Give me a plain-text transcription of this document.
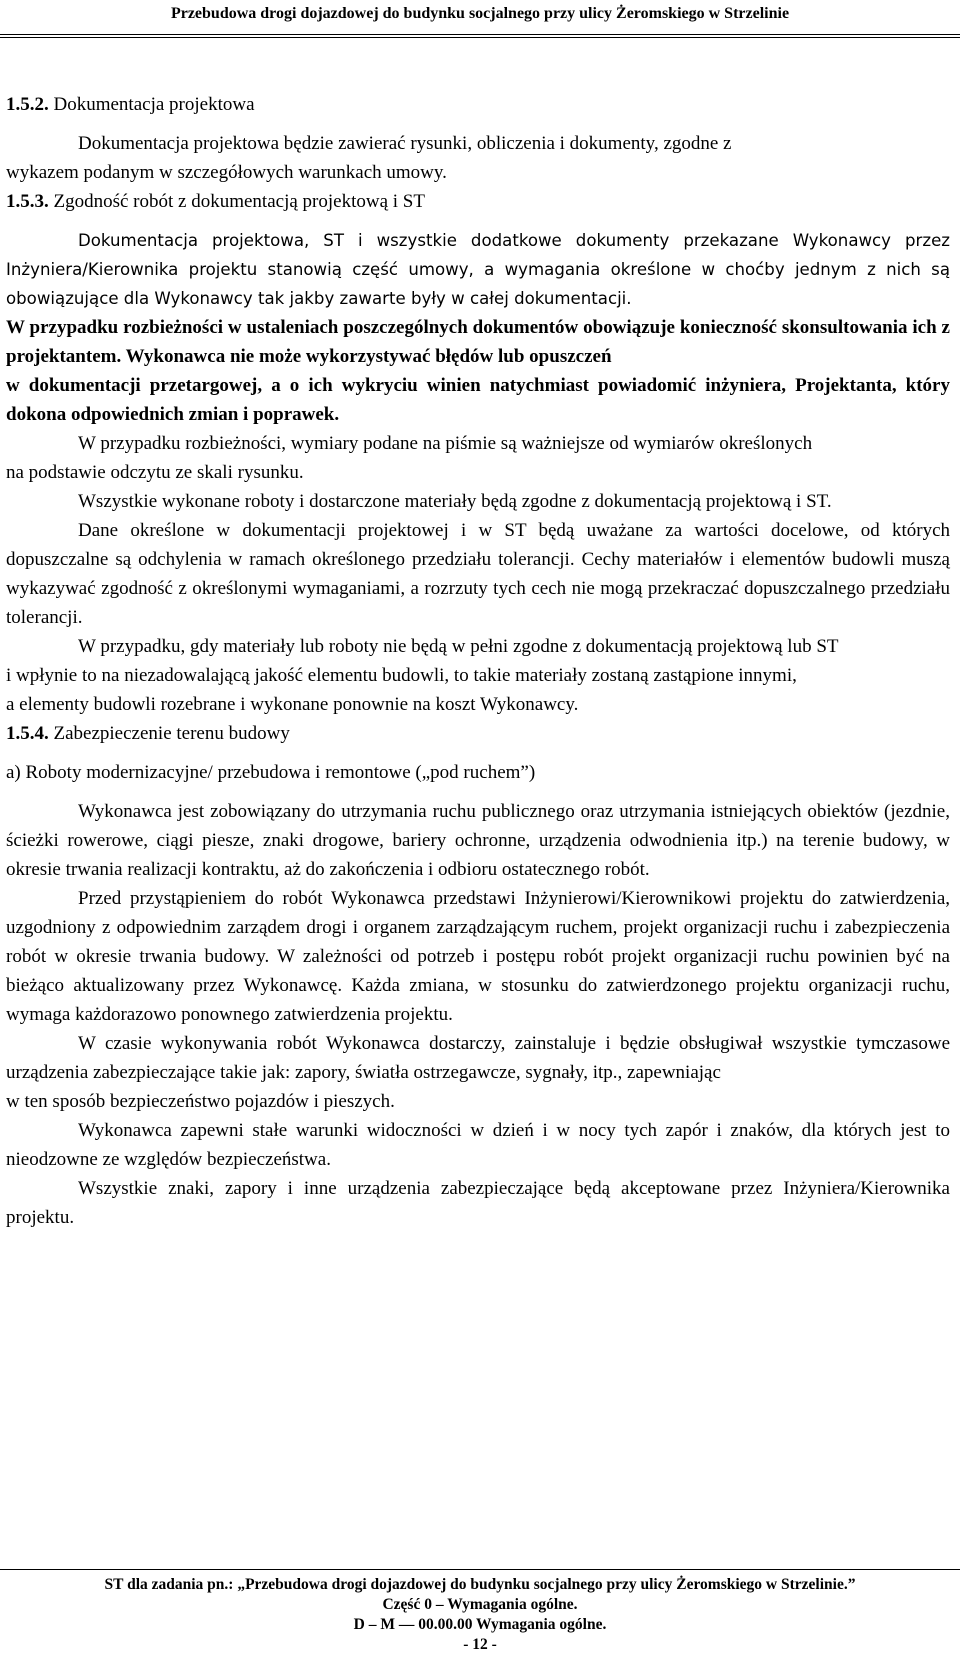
Przebudowa drogi dojazdowej do budynku socjalnego przy ulicy Żeromskiego w Strzelinie

1.5.2. Dokumentacja projektowa

Dokumentacja projektowa będzie zawierać rysunki, obliczenia i dokumenty, zgodne z

wykazem podanym w szczegółowych warunkach umowy.

1.5.3. Zgodność robót z dokumentacją projektową i ST

Dokumentacja projektowa, ST i wszystkie dodatkowe dokumenty przekazane Wykonawcy przez Inżyniera/Kierownika projektu stanowią część umowy, a wymagania określone w choćby jednym z nich są obowiązujące dla Wykonawcy tak jakby zawarte były w całej dokumentacji.

W przypadku rozbieżności w ustaleniach poszczególnych dokumentów obowiązuje konieczność skonsultowania ich z projektantem. Wykonawca nie może wykorzystywać błędów lub opuszczeń

w dokumentacji przetargowej, a o ich wykryciu winien natychmiast powiadomić inżyniera, Projektanta, który dokona odpowiednich zmian i poprawek.

W przypadku rozbieżności, wymiary podane na piśmie są ważniejsze od wymiarów określonych

na podstawie odczytu ze skali rysunku.

Wszystkie wykonane roboty i dostarczone materiały będą zgodne z dokumentacją projektową i ST.

Dane określone w dokumentacji projektowej i w ST będą uważane za wartości docelowe, od których dopuszczalne są odchylenia w ramach określonego przedziału tolerancji. Cechy materiałów i elementów budowli muszą wykazywać zgodność z określonymi wymaganiami, a rozrzuty tych cech nie mogą przekraczać dopuszczalnego przedziału tolerancji.

W przypadku, gdy materiały lub roboty nie będą w pełni zgodne z dokumentacją projektową lub ST

i wpłynie to na niezadowalającą jakość elementu budowli, to takie materiały zostaną zastąpione innymi,

a elementy budowli rozebrane i wykonane ponownie na koszt Wykonawcy.

1.5.4. Zabezpieczenie terenu budowy

a) Roboty modernizacyjne/ przebudowa i remontowe („pod ruchem”)

Wykonawca jest zobowiązany do utrzymania ruchu publicznego oraz utrzymania istniejących obiektów (jezdnie, ścieżki rowerowe, ciągi piesze, znaki drogowe, bariery ochronne, urządzenia odwodnienia itp.) na terenie budowy, w okresie trwania realizacji kontraktu, aż do zakończenia i odbioru ostatecznego robót.

Przed przystąpieniem do robót Wykonawca przedstawi Inżynierowi/Kierownikowi projektu do zatwierdzenia, uzgodniony z odpowiednim zarządem drogi i organem zarządzającym ruchem, projekt organizacji ruchu i zabezpieczenia robót w okresie trwania budowy. W zależności od potrzeb i postępu robót projekt organizacji ruchu powinien być na bieżąco aktualizowany przez Wykonawcę. Każda zmiana, w stosunku do zatwierdzonego projektu organizacji ruchu, wymaga każdorazowo ponownego zatwierdzenia projektu.

W czasie wykonywania robót Wykonawca dostarczy, zainstaluje i będzie obsługiwał wszystkie tymczasowe urządzenia zabezpieczające takie jak: zapory, światła ostrzegawcze, sygnały, itp., zapewniając

w ten sposób bezpieczeństwo pojazdów i pieszych.

Wykonawca zapewni stałe warunki widoczności w dzień i w nocy tych zapór i znaków, dla których jest to nieodzowne ze względów bezpieczeństwa.

Wszystkie znaki, zapory i inne urządzenia zabezpieczające będą akceptowane przez Inżyniera/Kierownika projektu.

ST dla zadania pn.: „Przebudowa drogi dojazdowej do budynku socjalnego przy ulicy Żeromskiego w Strzelinie.”
Część 0 – Wymagania ogólne.
D – M — 00.00.00 Wymagania ogólne.
- 12 -
